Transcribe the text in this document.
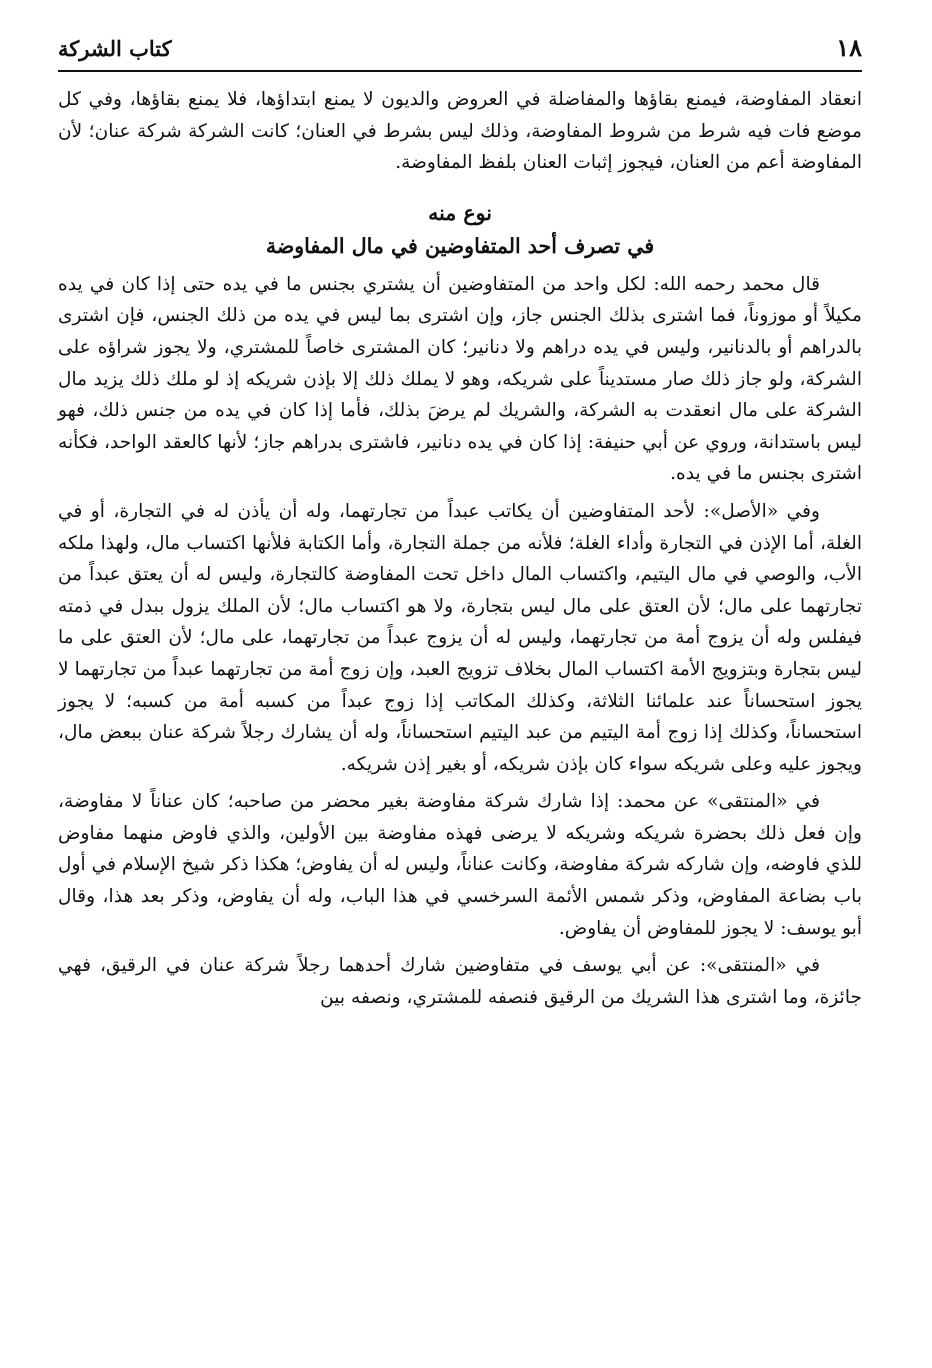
١٨
كتاب الشركة

انعقاد المفاوضة، فيمنع بقاؤها والمفاضلة في العروض والديون لا يمنع ابتداؤها، فلا يمنع بقاؤها، وفي كل موضع فات فيه شرط من شروط المفاوضة، وذلك ليس بشرط في العنان؛ كانت الشركة شركة عنان؛ لأن المفاوضة أعم من العنان، فيجوز إثبات العنان بلفظ المفاوضة.

نوع منه
في تصرف أحد المتفاوضين في مال المفاوضة

قال محمد رحمه الله: لكل واحد من المتفاوضين أن يشتري بجنس ما في يده حتى إذا كان في يده مكيلاً أو موزوناً، فما اشترى بذلك الجنس جاز، وإن اشترى بما ليس في يده من ذلك الجنس، فإن اشترى بالدراهم أو بالدنانير، وليس في يده دراهم ولا دنانير؛ كان المشترى خاصاً للمشتري، ولا يجوز شراؤه على الشركة، ولو جاز ذلك صار مستديناً على شريكه، وهو لا يملك ذلك إلا بإذن شريكه إذ لو ملك ذلك يزيد مال الشركة على مال انعقدت به الشركة، والشريك لم يرضَ بذلك، فأما إذا كان في يده من جنس ذلك، فهو ليس باستدانة، وروي عن أبي حنيفة: إذا كان في يده دنانير، فاشترى بدراهم جاز؛ لأنها كالعقد الواحد، فكأنه اشترى بجنس ما في يده.

وفي «الأصل»: لأحد المتفاوضين أن يكاتب عبداً من تجارتهما، وله أن يأذن له في التجارة، أو في الغلة، أما الإذن في التجارة وأداء الغلة؛ فلأنه من جملة التجارة، وأما الكتابة فلأنها اكتساب مال، ولهذا ملكه الأب، والوصي في مال اليتيم، واكتساب المال داخل تحت المفاوضة كالتجارة، وليس له أن يعتق عبداً من تجارتهما على مال؛ لأن العتق على مال ليس بتجارة، ولا هو اكتساب مال؛ لأن الملك يزول ببدل في ذمته فيفلس وله أن يزوج أمة من تجارتهما، وليس له أن يزوج عبداً من تجارتهما، على مال؛ لأن العتق على ما ليس بتجارة وبتزويج الأمة اكتساب المال بخلاف تزويج العبد، وإن زوج أمة من تجارتهما عبداً من تجارتهما لا يجوز استحساناً عند علمائنا الثلاثة، وكذلك المكاتب إذا زوج عبداً من كسبه أمة من كسبه؛ لا يجوز استحساناً، وكذلك إذا زوج أمة اليتيم من عبد اليتيم استحساناً، وله أن يشارك رجلاً شركة عنان ببعض مال، ويجوز عليه وعلى شريكه سواء كان بإذن شريكه، أو بغير إذن شريكه.

في «المنتقى» عن محمد: إذا شارك شركة مفاوضة بغير محضر من صاحبه؛ كان عناناً لا مفاوضة، وإن فعل ذلك بحضرة شريكه وشريكه لا يرضى فهذه مفاوضة بين الأولين، والذي فاوض منهما مفاوض للذي فاوضه، وإن شاركه شركة مفاوضة، وكانت عناناً، وليس له أن يفاوض؛ هكذا ذكر شيخ الإسلام في أول باب بضاعة المفاوض، وذكر شمس الأئمة السرخسي في هذا الباب، وله أن يفاوض، وذكر بعد هذا، وقال أبو يوسف: لا يجوز للمفاوض أن يفاوض.

في «المنتقى»: عن أبي يوسف في متفاوضين شارك أحدهما رجلاً شركة عنان في الرقيق، فهي جائزة، وما اشترى هذا الشريك من الرقيق فنصفه للمشتري، ونصفه بين
